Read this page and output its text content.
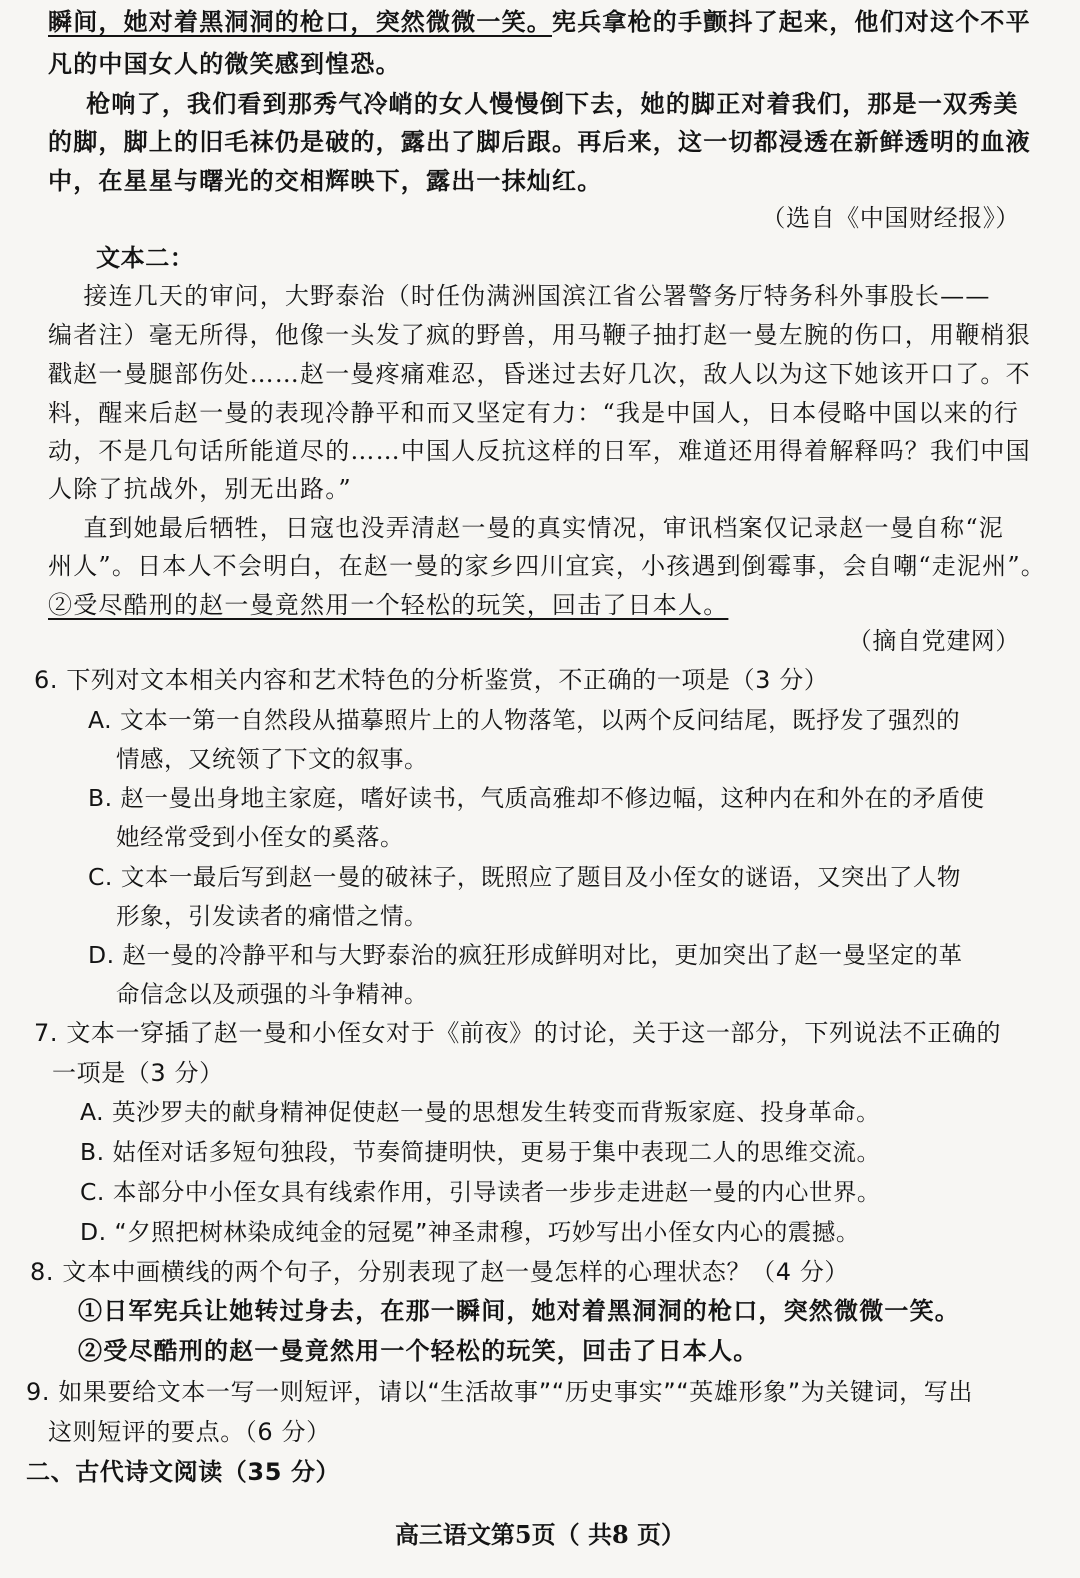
瞬间，她对着黑洞洞的枪口，突然微微一笑。宪兵拿枪的手颤抖了起来，他们对这个不平
凡的中国女人的微笑感到惶恐。
枪响了，我们看到那秀气冷峭的女人慢慢倒下去，她的脚正对着我们，那是一双秀美
的脚，脚上的旧毛袜仍是破的，露出了脚后跟。再后来，这一切都浸透在新鲜透明的血液
中，在星星与曙光的交相辉映下，露出一抹灿红。
（选自《中国财经报》）
文本二：
接连几天的审问，大野泰治（时任伪满洲国滨江省公署警务厅特务科外事股长——
编者注）毫无所得，他像一头发了疯的野兽，用马鞭子抽打赵一曼左腕的伤口，用鞭梢狠
戳赵一曼腿部伤处……赵一曼疼痛难忍，昏迷过去好几次，敌人以为这下她该开口了。不
料，醒来后赵一曼的表现冷静平和而又坚定有力：“我是中国人，日本侵略中国以来的行
动，不是几句话所能道尽的……中国人反抗这样的日军，难道还用得着解释吗？我们中国
人除了抗战外，别无出路。”
直到她最后牺牲，日寇也没弄清赵一曼的真实情况，审讯档案仅记录赵一曼自称“泥
州人”。日本人不会明白，在赵一曼的家乡四川宜宾，小孩遇到倒霉事，会自嘲“走泥州”。
②受尽酷刑的赵一曼竟然用一个轻松的玩笑，回击了日本人。
（摘自党建网）
6. 下列对文本相关内容和艺术特色的分析鉴赏，不正确的一项是（3 分）
A. 文本一第一自然段从描摹照片上的人物落笔，以两个反问结尾，既抒发了强烈的
情感，又统领了下文的叙事。
B. 赵一曼出身地主家庭，嗜好读书，气质高雅却不修边幅，这种内在和外在的矛盾使
她经常受到小侄女的奚落。
C. 文本一最后写到赵一曼的破袜子，既照应了题目及小侄女的谜语，又突出了人物
形象，引发读者的痛惜之情。
D. 赵一曼的冷静平和与大野泰治的疯狂形成鲜明对比，更加突出了赵一曼坚定的革
命信念以及顽强的斗争精神。
7. 文本一穿插了赵一曼和小侄女对于《前夜》的讨论，关于这一部分，下列说法不正确的
一项是（3 分）
A. 英沙罗夫的献身精神促使赵一曼的思想发生转变而背叛家庭、投身革命。
B. 姑侄对话多短句独段，节奏简捷明快，更易于集中表现二人的思维交流。
C. 本部分中小侄女具有线索作用，引导读者一步步走进赵一曼的内心世界。
D. “夕照把树林染成纯金的冠冕”神圣肃穆，巧妙写出小侄女内心的震撼。
8. 文本中画横线的两个句子，分别表现了赵一曼怎样的心理状态？（4 分）
①日军宪兵让她转过身去，在那一瞬间，她对着黑洞洞的枪口，突然微微一笑。
②受尽酷刑的赵一曼竟然用一个轻松的玩笑，回击了日本人。
9. 如果要给文本一写一则短评，请以“生活故事”“历史事实”“英雄形象”为关键词，写出
这则短评的要点。（6 分）
二、古代诗文阅读（35 分）
高三语文第5页（ 共8 页）
